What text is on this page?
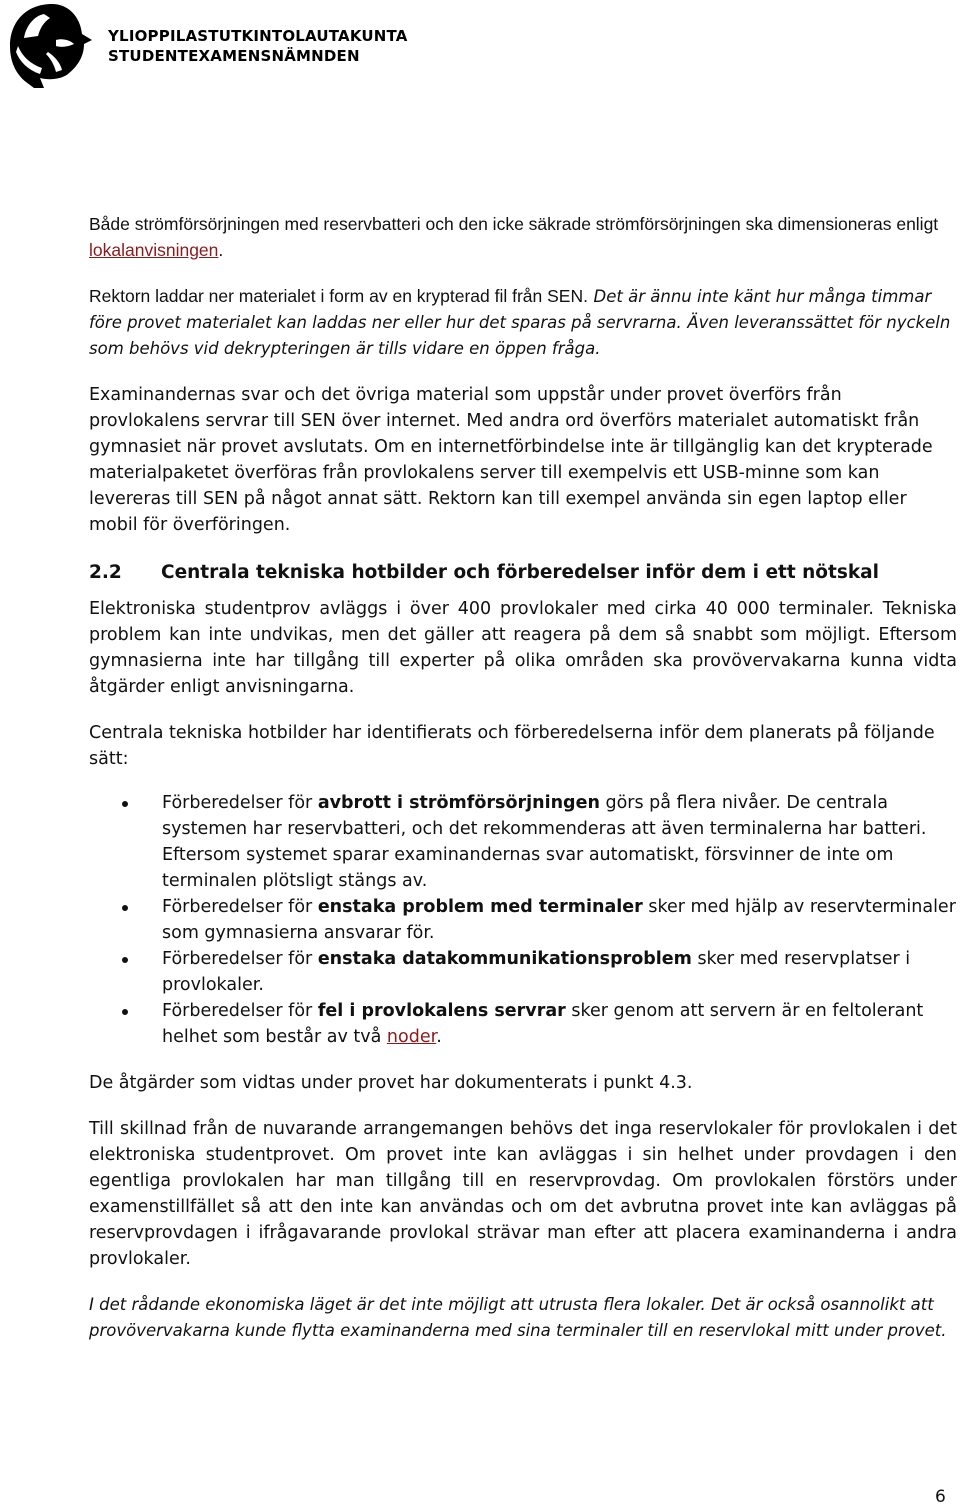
YLIOPPILASTUTKINTOLAUTAKUNTA
STUDENTEXAMENSNÄMNDEN

Både strömförsörjningen med reservbatteri och den icke säkrade strömförsörjningen ska dimensioneras enligt lokalanvisningen.

Rektorn laddar ner materialet i form av en krypterad fil från SEN. Det är ännu inte känt hur många timmar före provet materialet kan laddas ner eller hur det sparas på servrarna. Även leveranssättet för nyckeln som behövs vid dekrypteringen är tills vidare en öppen fråga.

Examinandernas svar och det övriga material som uppstår under provet överförs från provlokalens servrar till SEN över internet. Med andra ord överförs materialet automatiskt från gymnasiet när provet avslutats. Om en internetförbindelse inte är tillgänglig kan det krypterade materialpaketet överföras från provlokalens server till exempelvis ett USB-minne som kan levereras till SEN på något annat sätt. Rektorn kan till exempel använda sin egen laptop eller mobil för överföringen.

2.2 Centrala tekniska hotbilder och förberedelser inför dem i ett nötskal

Elektroniska studentprov avläggs i över 400 provlokaler med cirka 40 000 terminaler. Tekniska problem kan inte undvikas, men det gäller att reagera på dem så snabbt som möjligt. Eftersom gymnasierna inte har tillgång till experter på olika områden ska provövervakarna kunna vidta åtgärder enligt anvisningarna.

Centrala tekniska hotbilder har identifierats och förberedelserna inför dem planerats på följande sätt:

Förberedelser för avbrott i strömförsörjningen görs på flera nivåer. De centrala systemen har reservbatteri, och det rekommenderas att även terminalerna har batteri. Eftersom systemet sparar examinandernas svar automatiskt, försvinner de inte om terminalen plötsligt stängs av.
Förberedelser för enstaka problem med terminaler sker med hjälp av reservterminaler som gymnasierna ansvarar för.
Förberedelser för enstaka datakommunikationsproblem sker med reservplatser i provlokaler.
Förberedelser för fel i provlokalens servrar sker genom att servern är en feltolerant helhet som består av två noder.

De åtgärder som vidtas under provet har dokumenterats i punkt 4.3.

Till skillnad från de nuvarande arrangemangen behövs det inga reservlokaler för provlokalen i det elektroniska studentprovet. Om provet inte kan avläggas i sin helhet under provdagen i den egentliga provlokalen har man tillgång till en reservprovdag. Om provlokalen förstörs under examenstillfället så att den inte kan användas och om det avbrutna provet inte kan avläggas på reservprovdagen i ifrågavarande provlokal strävar man efter att placera examinanderna i andra provlokaler.

I det rådande ekonomiska läget är det inte möjligt att utrusta flera lokaler. Det är också osannolikt att provövervakarna kunde flytta examinanderna med sina terminaler till en reservlokal mitt under provet.

6
